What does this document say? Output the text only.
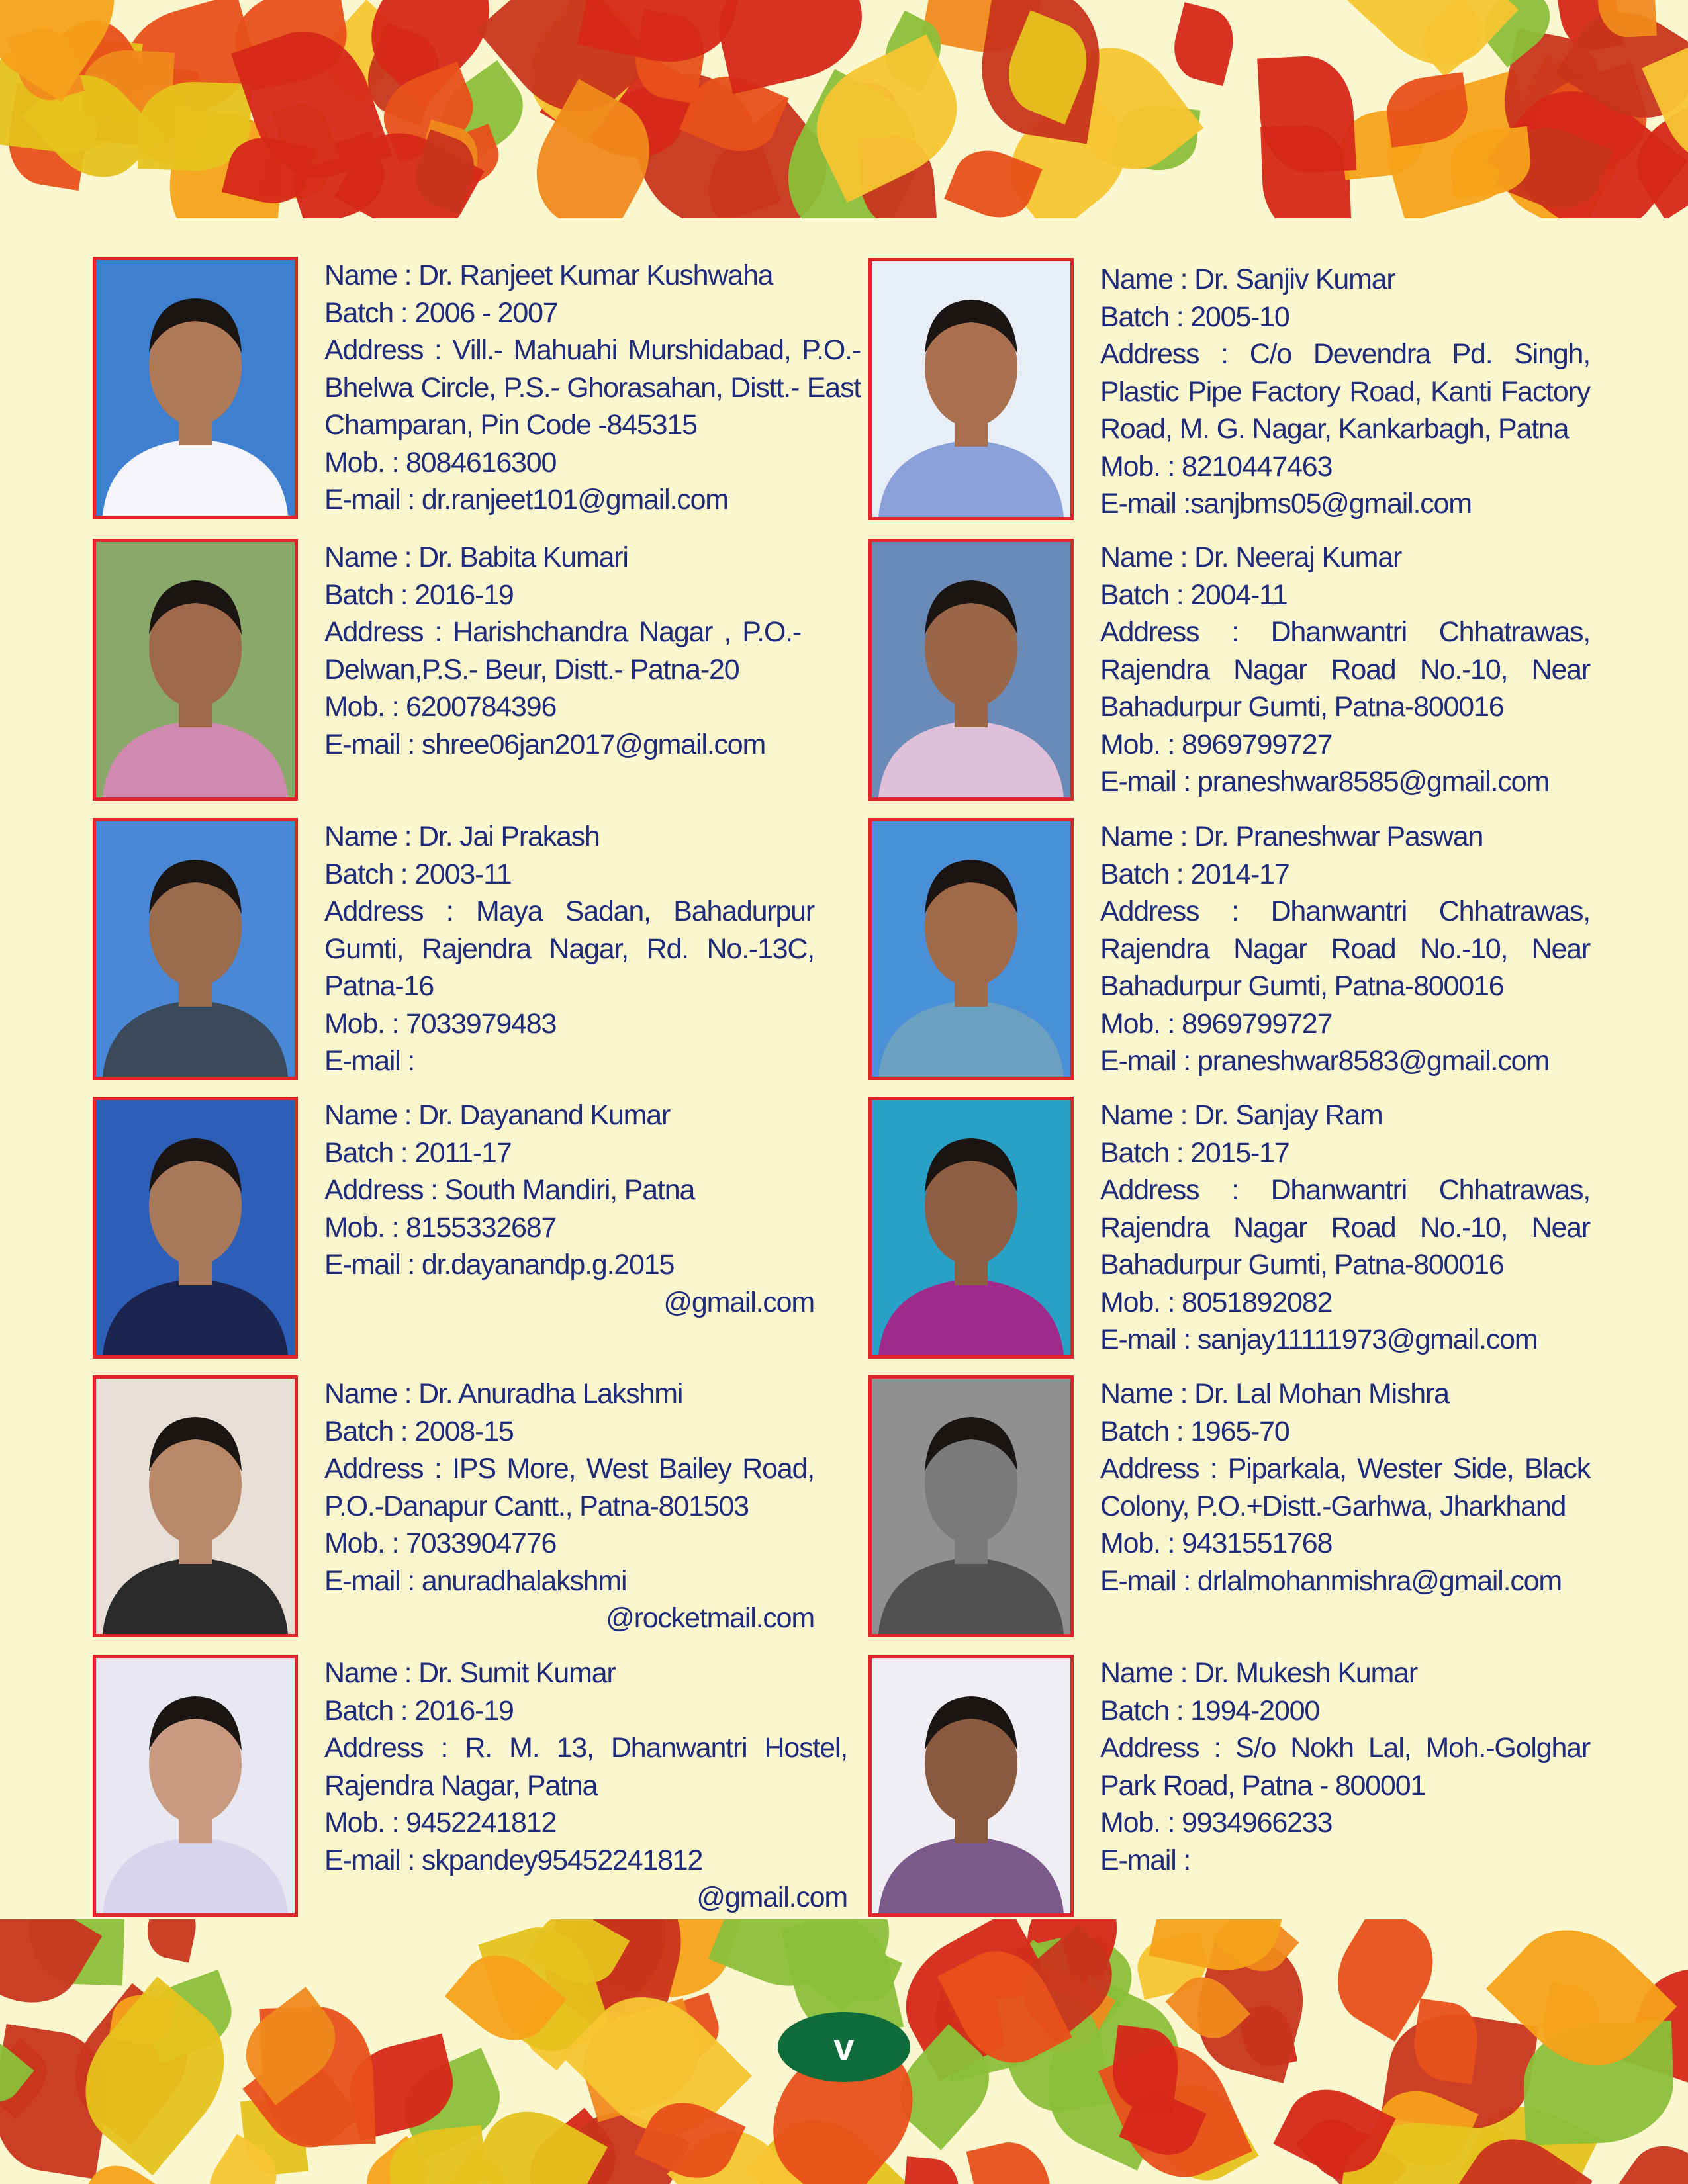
Name : Dr. Ranjeet Kumar Kushwaha
Batch : 2006 - 2007
Address : Vill.- Mahuahi Murshidabad, P.O.- Bhelwa Circle, P.S.- Ghorasahan, Distt.- East Champaran, Pin Code -845315
Mob. : 8084616300
E-mail : dr.ranjeet101@gmail.com
Name : Dr. Babita Kumari
Batch : 2016-19
Address : Harishchandra Nagar , P.O.- Delwan,P.S.- Beur, Distt.- Patna-20
Mob. : 6200784396
E-mail : shree06jan2017@gmail.com
Name : Dr. Jai Prakash
Batch : 2003-11
Address : Maya Sadan, Bahadurpur Gumti, Rajendra Nagar, Rd. No.-13C, Patna-16
Mob. : 7033979483
E-mail :
Name : Dr. Dayanand Kumar
Batch : 2011-17
Address : South Mandiri, Patna
Mob. : 8155332687
E-mail : dr.dayanandp.g.2015
@gmail.com
Name : Dr. Anuradha Lakshmi
Batch : 2008-15
Address : IPS More, West Bailey Road, P.O.-Danapur Cantt., Patna-801503
Mob. : 7033904776
E-mail : anuradhalakshmi
@rocketmail.com
Name : Dr. Sumit Kumar
Batch : 2016-19
Address : R. M. 13, Dhanwantri Hostel, Rajendra Nagar, Patna
Mob. : 9452241812
E-mail : skpandey95452241812
@gmail.com
Name : Dr. Sanjiv Kumar
Batch : 2005-10
Address : C/o Devendra Pd. Singh, Plastic Pipe Factory Road, Kanti Factory Road, M. G. Nagar, Kankarbagh, Patna
Mob. : 8210447463
E-mail :sanjbms05@gmail.com
Name : Dr. Neeraj Kumar
Batch : 2004-11
Address : Dhanwantri Chhatrawas, Rajendra Nagar Road No.-10, Near Bahadurpur Gumti, Patna-800016
Mob. : 8969799727
E-mail : praneshwar8585@gmail.com
Name : Dr. Praneshwar Paswan
Batch : 2014-17
Address : Dhanwantri Chhatrawas, Rajendra Nagar Road No.-10, Near Bahadurpur Gumti, Patna-800016
Mob. : 8969799727
E-mail : praneshwar8583@gmail.com
Name : Dr. Sanjay Ram
Batch : 2015-17
Address : Dhanwantri Chhatrawas, Rajendra Nagar Road No.-10, Near Bahadurpur Gumti, Patna-800016
Mob. : 8051892082
E-mail : sanjay11111973@gmail.com
Name : Dr. Lal Mohan Mishra
Batch : 1965-70
Address : Piparkala, Wester Side, Black Colony, P.O.+Distt.-Garhwa, Jharkhand
Mob. : 9431551768
E-mail : drlalmohanmishra@gmail.com
Name : Dr. Mukesh Kumar
Batch : 1994-2000
Address : S/o Nokh Lal, Moh.-Golghar Park Road, Patna - 800001
Mob. : 9934966233
E-mail :
v
